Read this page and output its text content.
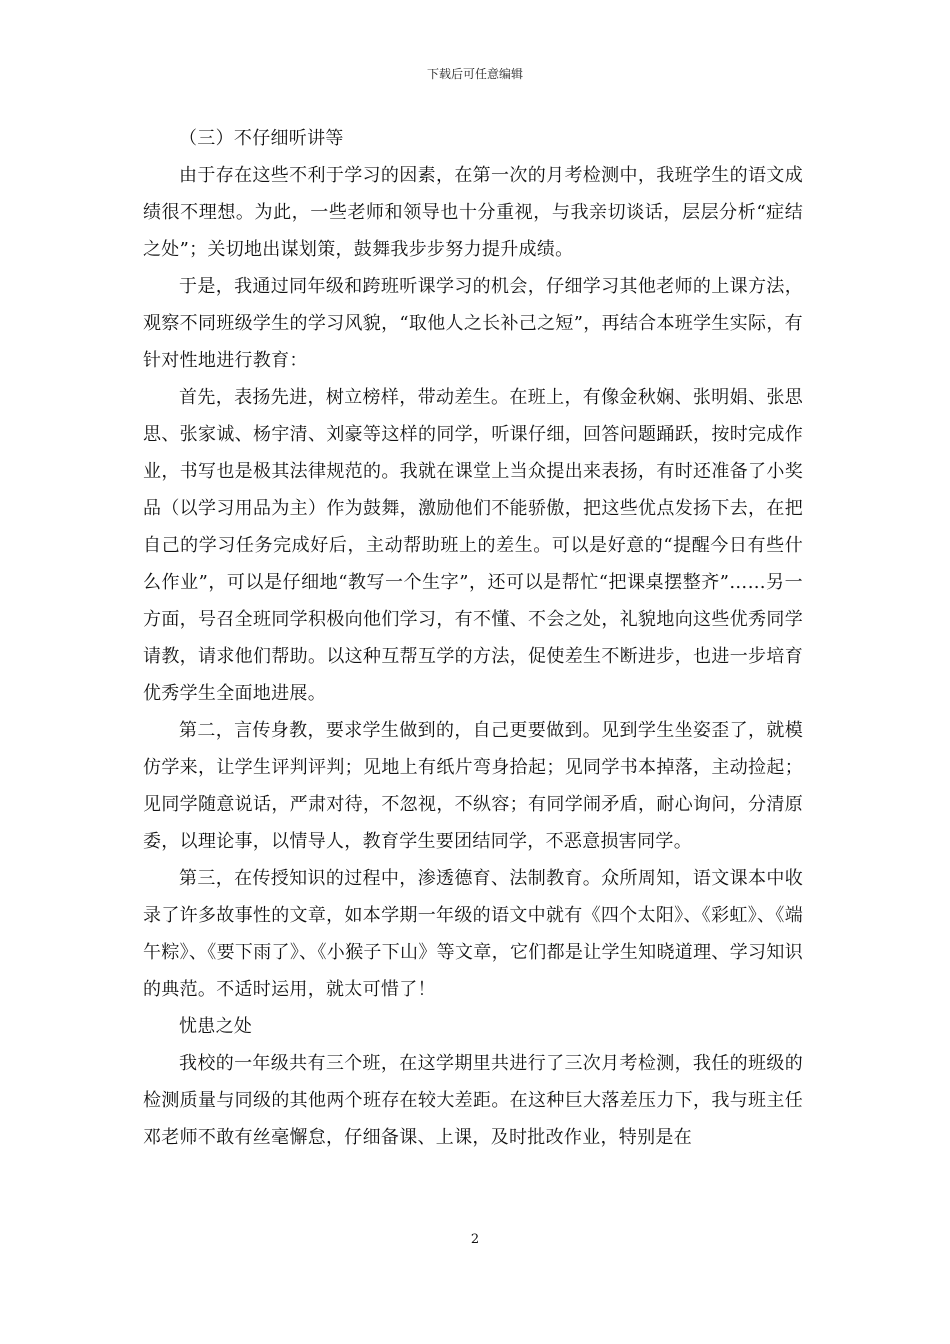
下载后可任意编辑

（三）不仔细听讲等

由于存在这些不利于学习的因素，在第一次的月考检测中，我班学生的语文成绩很不理想。为此，一些老师和领导也十分重视，与我亲切谈话，层层分析“症结之处”；关切地出谋划策，鼓舞我步步努力提升成绩。

于是，我通过同年级和跨班听课学习的机会，仔细学习其他老师的上课方法，观察不同班级学生的学习风貌，“取他人之长补己之短”，再结合本班学生实际，有针对性地进行教育：

首先，表扬先进，树立榜样，带动差生。在班上，有像金秋娴、张明娟、张思思、张家诚、杨宇清、刘豪等这样的同学，听课仔细，回答问题踊跃，按时完成作业，书写也是极其法律规范的。我就在课堂上当众提出来表扬，有时还准备了小奖品（以学习用品为主）作为鼓舞，激励他们不能骄傲，把这些优点发扬下去，在把自己的学习任务完成好后，主动帮助班上的差生。可以是好意的“提醒今日有些什么作业”，可以是仔细地“教写一个生字”，还可以是帮忙“把课桌摆整齐”……另一方面，号召全班同学积极向他们学习，有不懂、不会之处，礼貌地向这些优秀同学请教，请求他们帮助。以这种互帮互学的方法，促使差生不断进步，也进一步培育优秀学生全面地进展。

第二，言传身教，要求学生做到的，自己更要做到。见到学生坐姿歪了，就模仿学来，让学生评判评判；见地上有纸片弯身拾起；见同学书本掉落，主动捡起；见同学随意说话，严肃对待，不忽视，不纵容；有同学闹矛盾，耐心询问，分清原委，以理论事，以情导人，教育学生要团结同学，不恶意损害同学。

第三，在传授知识的过程中，渗透德育、法制教育。众所周知，语文课本中收录了许多故事性的文章，如本学期一年级的语文中就有《四个太阳》、《彩虹》、《端午粽》、《要下雨了》、《小猴子下山》等文章，它们都是让学生知晓道理、学习知识的典范。不适时运用，就太可惜了！

忧患之处

我校的一年级共有三个班，在这学期里共进行了三次月考检测，我任的班级的检测质量与同级的其他两个班存在较大差距。在这种巨大落差压力下，我与班主任邓老师不敢有丝毫懈怠，仔细备课、上课，及时批改作业，特别是在

2
